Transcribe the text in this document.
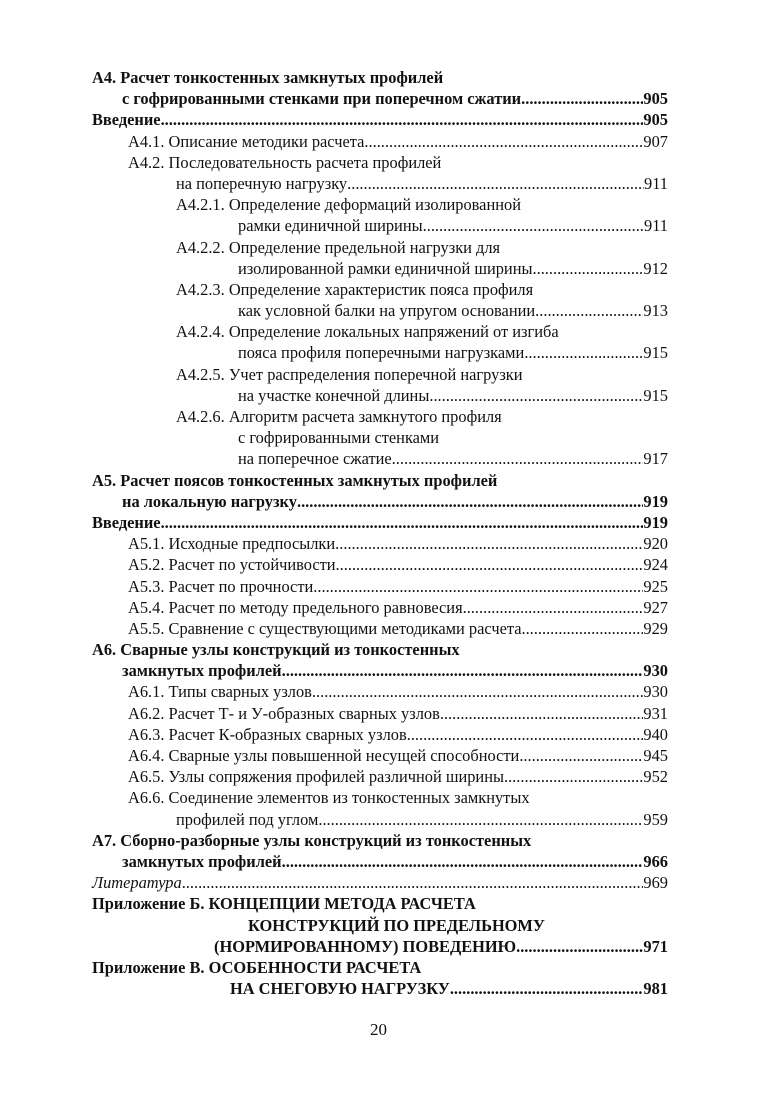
А4. Расчет тонкостенных замкнутых профилей
с гофрированными стенками при поперечном сжатии .....	905
Введение .....	905
А4.1. Описание методики расчета .....	907
А4.2. Последовательность расчета профилей
на поперечную нагрузку .....	911
А4.2.1. Определение деформаций изолированной
рамки единичной ширины .....	911
А4.2.2. Определение предельной нагрузки для
изолированной рамки единичной ширины .....	912
А4.2.3. Определение характеристик пояса профиля
как условной балки на упругом основании .....	913
А4.2.4. Определение локальных напряжений от изгиба
пояса профиля поперечными нагрузками .....	915
А4.2.5. Учет распределения поперечной нагрузки
на участке конечной длины .....	915
А4.2.6. Алгоритм расчета замкнутого профиля
с гофрированными стенками
на поперечное сжатие .....	917
А5. Расчет поясов тонкостенных замкнутых профилей
на локальную нагрузку .....	919
Введение .....	919
А5.1. Исходные предпосылки .....	920
А5.2. Расчет по устойчивости .....	924
А5.3. Расчет по прочности .....	925
А5.4. Расчет по методу предельного равновесия .....	927
А5.5. Сравнение с существующими методиками расчета .....	929
А6. Сварные узлы конструкций из тонкостенных
замкнутых профилей .....	930
А6.1. Типы сварных узлов .....	930
А6.2. Расчет Т- и У-образных сварных узлов .....	931
А6.3. Расчет К-образных сварных узлов .....	940
А6.4. Сварные узлы повышенной несущей способности .....	945
А6.5. Узлы сопряжения профилей различной ширины .....	952
А6.6. Соединение элементов из тонкостенных замкнутых
профилей под углом .....	959
А7. Сборно-разборные узлы конструкций из тонкостенных
замкнутых профилей .....	966
Литература .....	969
Приложение Б. КОНЦЕПЦИИ МЕТОДА РАСЧЕТА
КОНСТРУКЦИЙ ПО ПРЕДЕЛЬНОМУ
(НОРМИРОВАННОМУ) ПОВЕДЕНИЮ .....	971
Приложение В. ОСОБЕННОСТИ РАСЧЕТА
НА СНЕГОВУЮ НАГРУЗКУ .....	981
20
